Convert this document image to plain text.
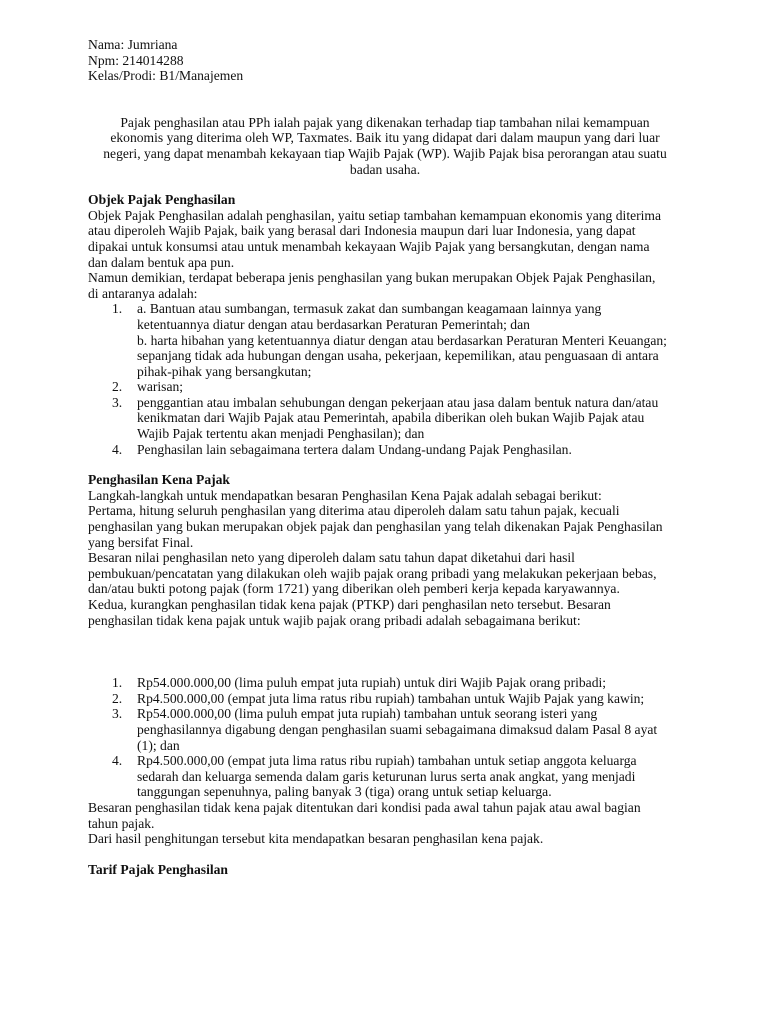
Nama: Jumriana

Npm: 214014288

Kelas/Prodi: B1/Manajemen

Pajak penghasilan atau PPh ialah pajak yang dikenakan terhadap tiap tambahan nilai kemampuan

ekonomis yang diterima oleh WP, Taxmates. Baik itu yang didapat dari dalam maupun yang dari luar

negeri, yang dapat menambah kekayaan tiap Wajib Pajak (WP). Wajib Pajak bisa perorangan atau suatu

badan usaha.

Objek Pajak Penghasilan

Objek Pajak Penghasilan adalah penghasilan, yaitu setiap tambahan kemampuan ekonomis yang diterima

atau diperoleh Wajib Pajak, baik yang berasal dari Indonesia maupun dari luar Indonesia, yang dapat

dipakai untuk konsumsi atau untuk menambah kekayaan Wajib Pajak yang bersangkutan, dengan nama

dan dalam bentuk apa pun.

Namun demikian, terdapat beberapa jenis penghasilan yang bukan merupakan Objek Pajak Penghasilan,

di antaranya adalah:

1. a. Bantuan atau sumbangan, termasuk zakat dan sumbangan keagamaan lainnya yang

ketentuannya diatur dengan atau berdasarkan Peraturan Pemerintah; dan

b. harta hibahan yang ketentuannya diatur dengan atau berdasarkan Peraturan Menteri Keuangan;

sepanjang tidak ada hubungan dengan usaha, pekerjaan, kepemilikan, atau penguasaan di antara

pihak-pihak yang bersangkutan;

2. warisan;

3. penggantian atau imbalan sehubungan dengan pekerjaan atau jasa dalam bentuk natura dan/atau

kenikmatan dari Wajib Pajak atau Pemerintah, apabila diberikan oleh bukan Wajib Pajak atau

Wajib Pajak tertentu akan menjadi Penghasilan); dan

4. Penghasilan lain sebagaimana tertera dalam Undang-undang Pajak Penghasilan.

Penghasilan Kena Pajak

Langkah-langkah untuk mendapatkan besaran Penghasilan Kena Pajak adalah sebagai berikut:

Pertama, hitung seluruh penghasilan yang diterima atau diperoleh dalam satu tahun pajak, kecuali

penghasilan yang bukan merupakan objek pajak dan penghasilan yang telah dikenakan Pajak Penghasilan

yang bersifat Final.

Besaran nilai penghasilan neto yang diperoleh dalam satu tahun dapat diketahui dari hasil

pembukuan/pencatatan yang dilakukan oleh wajib pajak orang pribadi yang melakukan pekerjaan bebas,

dan/atau bukti potong pajak (form 1721) yang diberikan oleh pemberi kerja kepada karyawannya.

Kedua, kurangkan penghasilan tidak kena pajak (PTKP) dari penghasilan neto tersebut. Besaran

penghasilan tidak kena pajak untuk wajib pajak orang pribadi adalah sebagaimana berikut:

1. Rp54.000.000,00 (lima puluh empat juta rupiah) untuk diri Wajib Pajak orang pribadi;

2. Rp4.500.000,00 (empat juta lima ratus ribu rupiah) tambahan untuk Wajib Pajak yang kawin;

3. Rp54.000.000,00 (lima puluh empat juta rupiah) tambahan untuk seorang isteri yang

penghasilannya digabung dengan penghasilan suami sebagaimana dimaksud dalam Pasal 8 ayat

(1); dan

4. Rp4.500.000,00 (empat juta lima ratus ribu rupiah) tambahan untuk setiap anggota keluarga

sedarah dan keluarga semenda dalam garis keturunan lurus serta anak angkat, yang menjadi

tanggungan sepenuhnya, paling banyak 3 (tiga) orang untuk setiap keluarga.

Besaran penghasilan tidak kena pajak ditentukan dari kondisi pada awal tahun pajak atau awal bagian

tahun pajak.

Dari hasil penghitungan tersebut kita mendapatkan besaran penghasilan kena pajak.

Tarif Pajak Penghasilan
